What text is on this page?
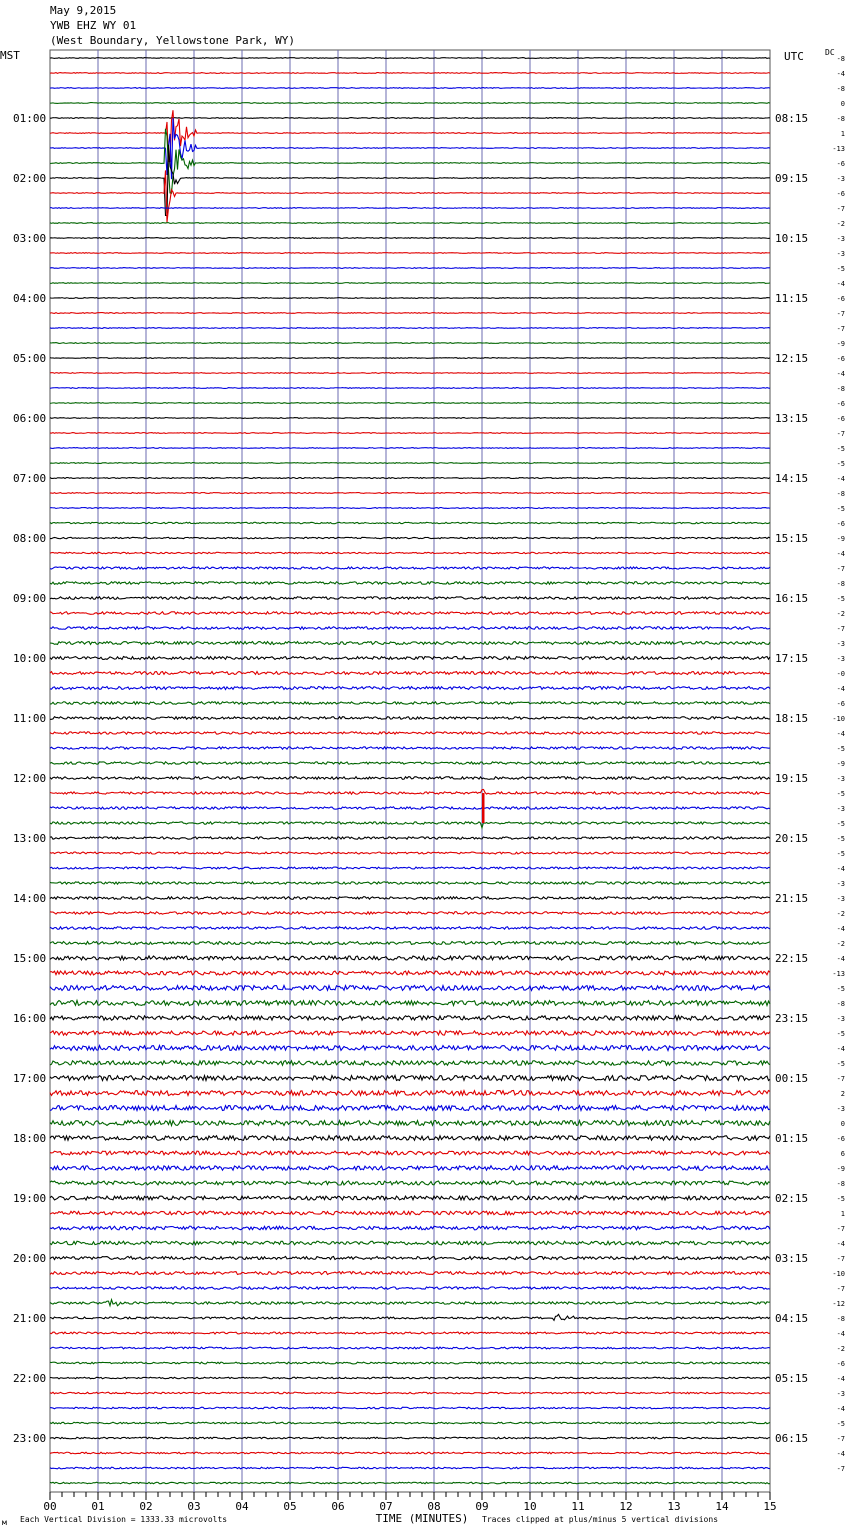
May 9,2015
YWB EHZ WY 01
(West Boundary, Yellowstone Park, WY)
MST	UTC	DC
01:00
02:00
03:00
04:00
05:00
06:00
07:00
08:00
09:00
10:00
11:00
12:00
13:00
14:00
15:00
16:00
17:00
18:00
19:00
20:00
21:00
22:00
23:00
08:15
09:15
10:15
11:15
12:15
13:15
14:15
15:15
16:15
17:15
18:15
19:15
20:15
21:15
22:15
23:15
00:15
01:15
02:15
03:15
04:15
05:15
06:15
-8
-4
-8
0
-8
1
-13
-6
-3
-6
-7
-2
-3
-3
-5
-4
-6
-7
-7
-9
-6
-4
-8
-6
-6
-7
-5
-5
-4
-8
-5
-6
-9
-4
-7
-8
-5
-2
-7
-3
-3
-0
-4
-6
-10
-4
-5
-9
-3
-5
-3
-5
-5
-5
-4
-3
-3
-2
-4
-2
-4
-13
-5
-8
-3
-5
-4
-5
-7
2
-3
0
-6
6
-9
-8
-5
1
-7
-4
-7
-10
-7
-12
-8
-4
-2
-6
-4
-3
-4
-5
-7
-4
-7
00	01	02	03	04	05	06	07	08	09	10	11	12	13	14	15
TIME (MINUTES)
м Each Vertical Division = 1333.33 microvolts	Traces clipped at plus/minus 5 vertical divisions
